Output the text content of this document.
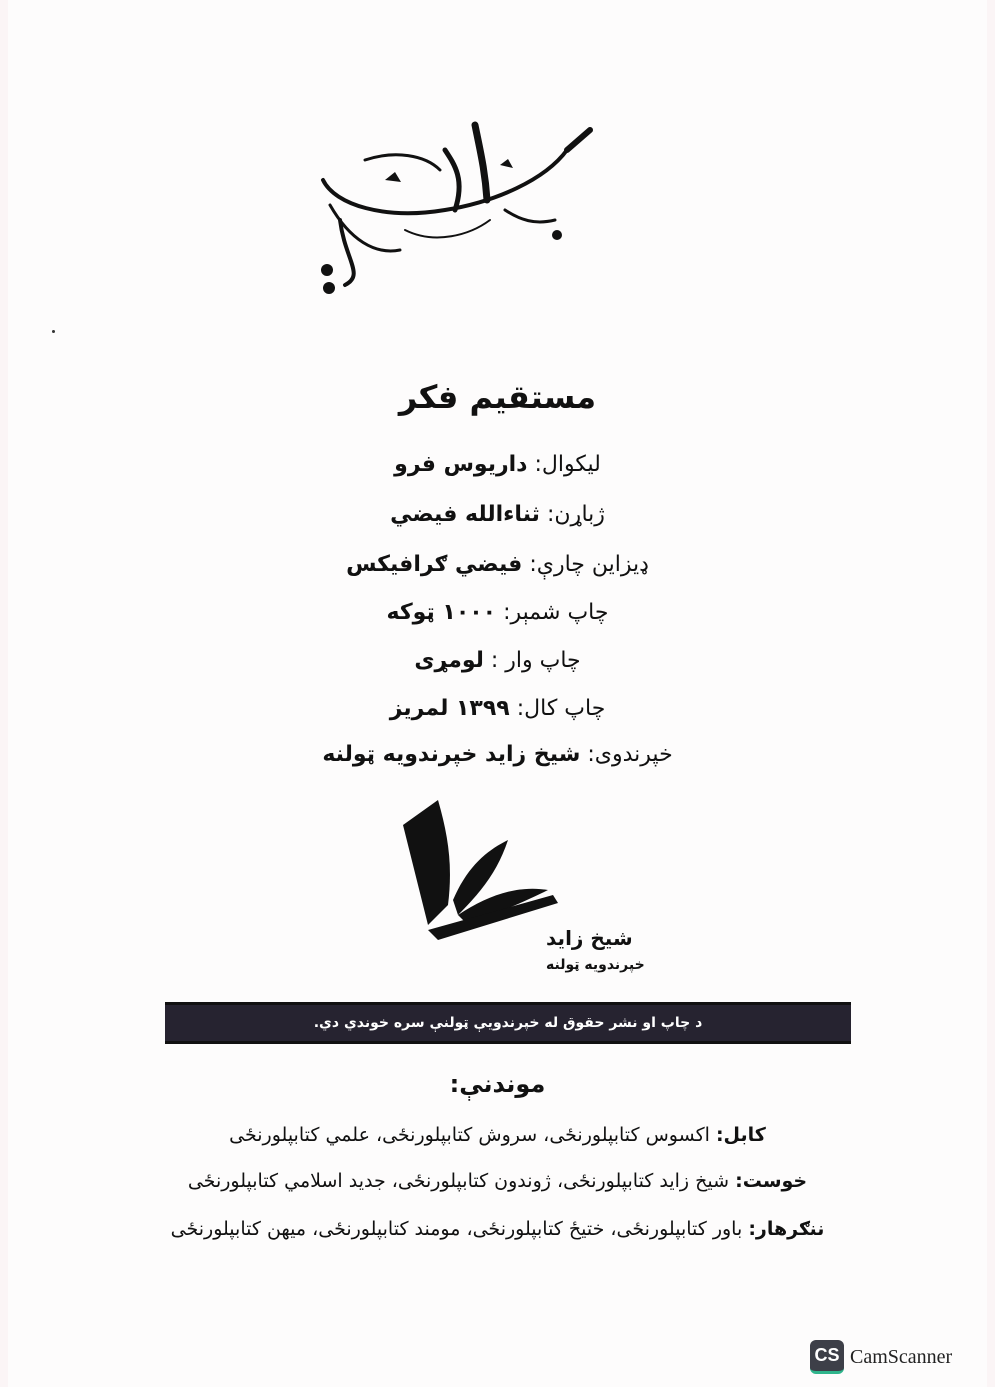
مستقیم فکر
لیکوال: داریوس فرو
ژباړن: ثناءالله فیضي
ډیزاین چارې: فیضي ګرافیکس
چاپ شمېر: ۱۰۰۰ ټوکه
چاپ وار : لومړی
چاپ کال: ۱۳۹۹ لمریز
خپرندوی: شیخ زاید خپرندویه ټولنه
شیخ زاید
خپرندویه ټولنه
د چاپ او نشر حقوق له خپرندویې ټولنې سره خوندي دي.
موندنې:
کابل: اکسوس کتابپلورنځی، سروش کتابپلورنځی، علمي کتابپلورنځی
خوست: شیخ زاید کتابپلورنځی، ژوندون کتابپلورنځی، جدید اسلامي کتابپلورنځی
ننګرهار: باور کتابپلورنځی، ختیځ کتابپلورنځی، مومند کتابپلورنځی، میهن کتابپلورنځی
CS CamScanner
